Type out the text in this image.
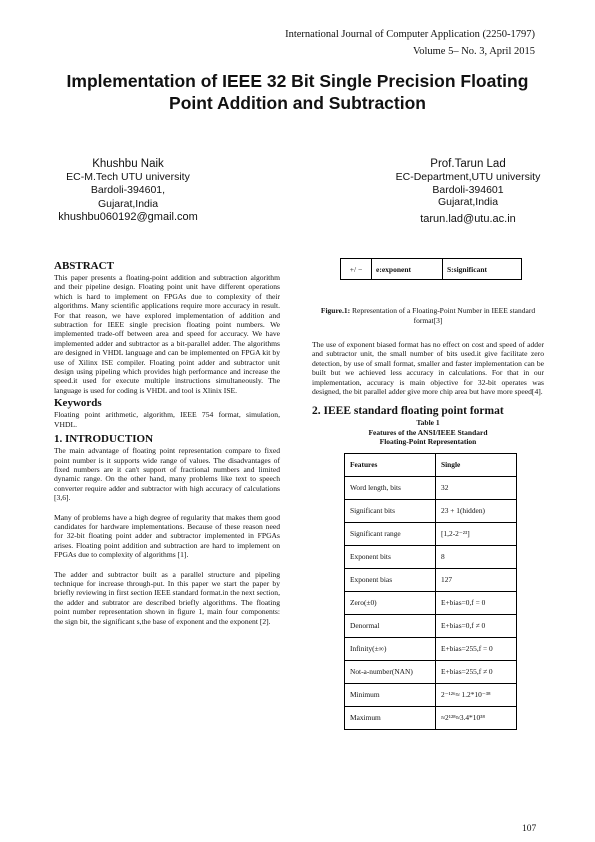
International Journal of Computer Application (2250-1797)
Volume 5– No. 3, April 2015
Implementation of IEEE 32 Bit Single Precision Floating
Point Addition and Subtraction
Khushbu Naik
EC-M.Tech UTU university
Bardoli-394601,
Gujarat,India
khushbu060192@gmail.com
Prof.Tarun Lad
EC-Department,UTU university
Bardoli-394601
Gujarat,India
tarun.lad@utu.ac.in
ABSTRACT

This paper presents a floating-point addition and subtraction algorithm and their pipeline design. Floating point unit have different operations which is hard to implement on FPGAs due to complexity of their algorithms. Many scientific applications require more accuracy in result. For that reason, we have explored implementation of addition and subtraction for IEEE single precision floating point numbers. We implemented trade-off between area and speed for accuracy. We have implemented adder and subtractor as a bit-parallel adder. The algorithms are designed in VHDL language and can be implemented on FPGA kit by use of Xilinx ISE compiler. Floating point adder and subtractor unit design using pipeling which provides high performance and increase the speed.it used for execute multiple instructions simultaneously. The language is used for coding is VHDL and tool is Xlinix ISE.

Keywords

Floating point arithmetic, algorithm, IEEE 754 format, simulation, VHDL.

1. INTRODUCTION

The main advantage of floating point representation compare to fixed point number is it supports wide range of values. The disadvantages of fixed numbers are it can't support of fractional numbers and limited dynamic range. On the other hand, many problems like text to speech converter require adder and subtractor with high accuracy of calculations [3,6].

Many of problems have a high degree of regularity that makes them good candidates for hardware implementations. Because of these reason need for 32-bit floating point adder and subtractor implemented in FPGAs arises. Floating point addition and subtraction are hard to implement on FPGAs due to complexity of algorithms [1].

The adder and subtractor built as a parallel structure and pipeling technique for increase through-put. In this paper we start the paper by briefly reviewing in first section IEEE standard format.in the next section, the adder and subtrator are described briefly algorithms. The floating point number representation shown in figure 1, main four components: the sign bit, the significant s,the base of exponent and the exponent [2].

+/ −	e:exponent	S:significant
Figure.1: Representation of a Floating-Point Number in IEEE standard format[3]

The use of exponent biased format has no effect on cost and speed of adder and subtractor unit, the small number of bits used.it give facilitate zero detection, by use of small format, smaller and faster implementation can be built but we achieved less accuracy in calculations. For that in our implementation, accuracy is main objective for 32-bit operates was designed, the bit parallel adder give more chip area but have more speed[4].

2. IEEE standard floating point format
Table 1
Features of the ANSI/IEEE Standard
Floating-Point Representation
Features	Single
Word length, bits	32
Significant bits	23 + 1(hidden)
Significant range	[1,2-2⁻²³]
Exponent bits	8
Exponent bias	127
Zero(±0)	E+bias=0,f = 0
Denormal	E+bias=0,f ≠ 0
Infinity(±∞)	E+bias=255,f = 0
Not-a-number(NAN)	E+bias=255,f ≠ 0
Minimum	2⁻¹²⁶≈ 1.2*10⁻³⁸
Maximum	≈2¹²⁸≈3.4*10³⁸
107
